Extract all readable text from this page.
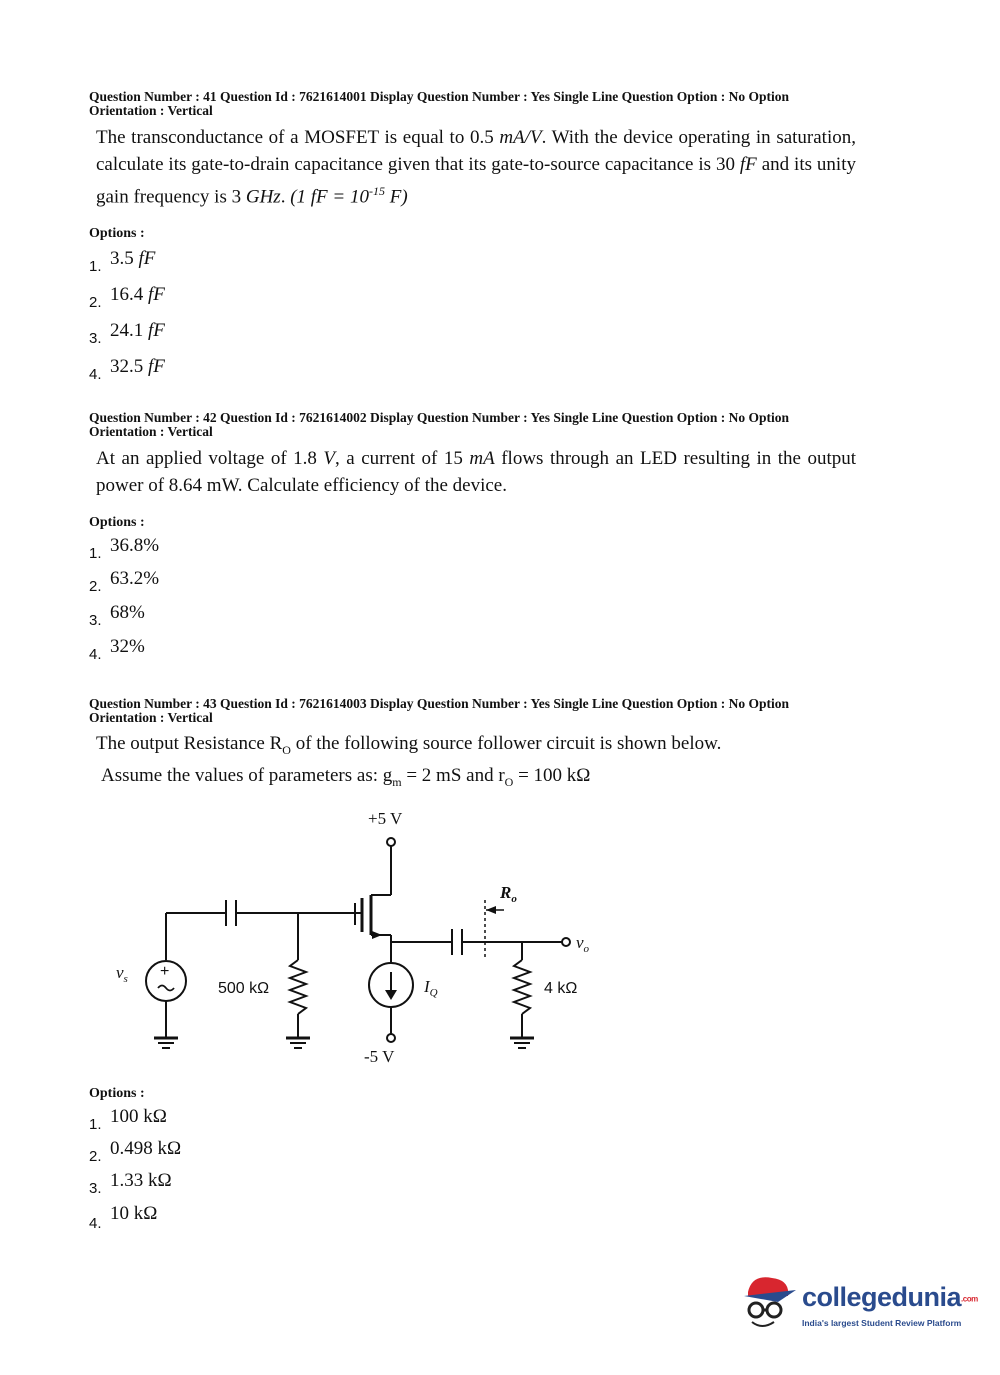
Question Number : 41 Question Id : 7621614001 Display Question Number : Yes Single Line Question Option : No Option

Orientation : Vertical

The transconductance of a MOSFET is equal to 0.5 mA/V. With the device operating in saturation, calculate its gate-to-drain capacitance given that its gate-to-source capacitance is 30 fF and its unity gain frequency is 3 GHz. (1 fF = $10^{-15}$ F)

Options :

1. 3.5 fF
2. 16.4 fF
3. 24.1 fF
4. 32.5 fF

Question Number : 42 Question Id : 7621614002 Display Question Number : Yes Single Line Question Option : No Option

Orientation : Vertical

At an applied voltage of 1.8 V, a current of 15 mA flows through an LED resulting in the output power of 8.64 mW. Calculate efficiency of the device.

Options :

1. 36.8%
2. 63.2%
3. 68%
4. 32%

Question Number : 43 Question Id : 7621614003 Display Question Number : Yes Single Line Question Option : No Option

Orientation : Vertical

The output Resistance $R_O$ of the following source follower circuit is shown below.
Assume the values of parameters as: $g_m = 2$ mS and $r_O = 100$ kΩ

+5 V
+
$v_s$
500 kΩ
$v_o$
$R_o$
4 kΩ
$I_Q$
-5 V

Options :

1. 100 kΩ
2. 0.498 kΩ
3. 1.33 kΩ
4. 10 kΩ
collegedunia.com
India's largest Student Review Platform
